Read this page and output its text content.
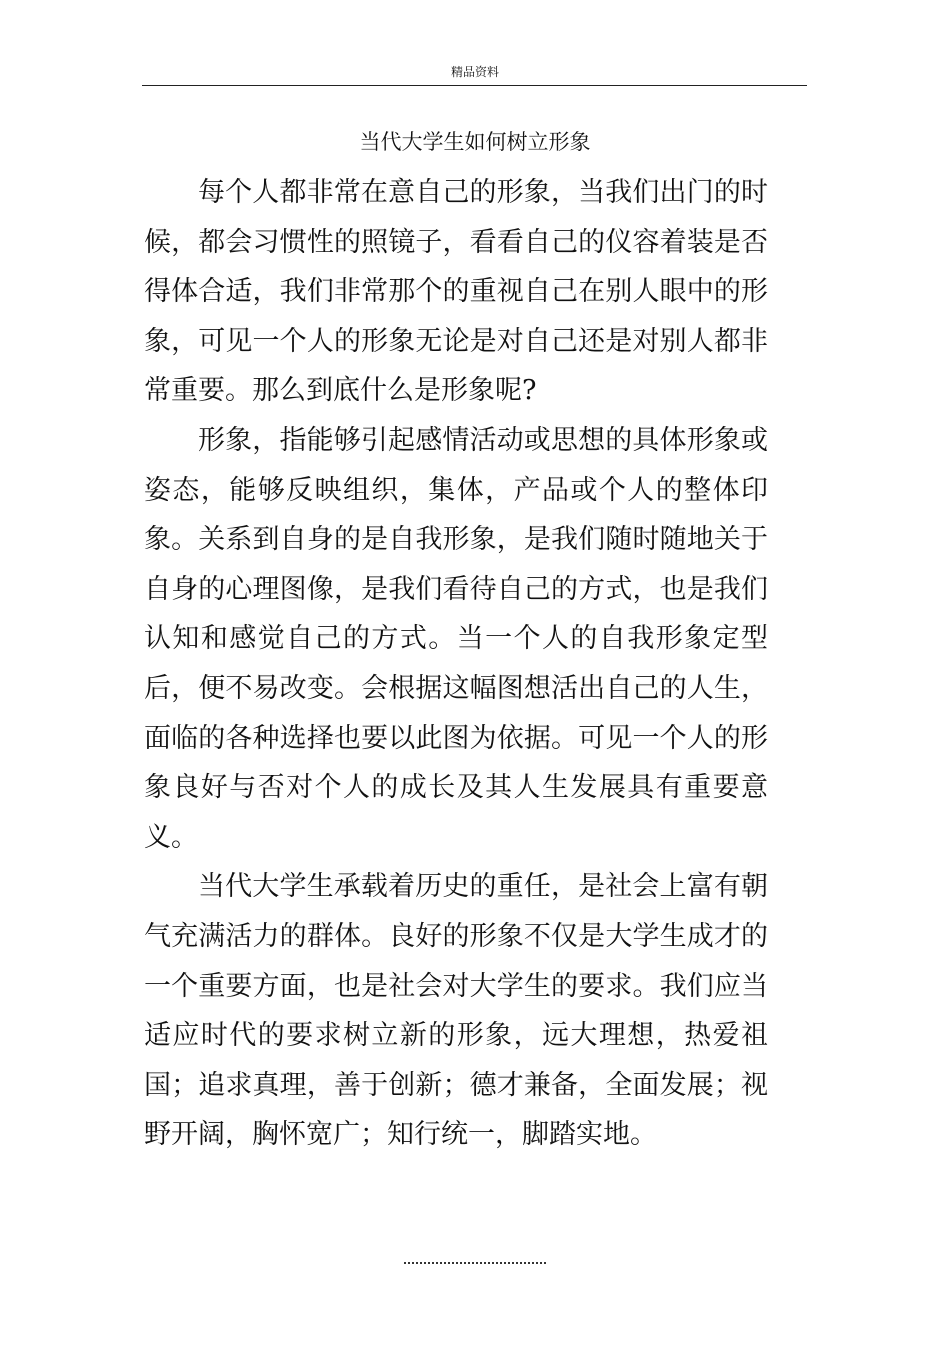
精品资料
当代大学生如何树立形象

每个人都非常在意自己的形象，当我们出门的时候，都会习惯性的照镜子，看看自己的仪容着装是否得体合适，我们非常那个的重视自己在别人眼中的形象，可见一个人的形象无论是对自己还是对别人都非常重要。那么到底什么是形象呢?

形象，指能够引起感情活动或思想的具体形象或姿态，能够反映组织，集体，产品或个人的整体印象。关系到自身的是自我形象，是我们随时随地关于自身的心理图像，是我们看待自己的方式，也是我们认知和感觉自己的方式。当一个人的自我形象定型后，便不易改变。会根据这幅图想活出自己的人生，面临的各种选择也要以此图为依据。可见一个人的形象良好与否对个人的成长及其人生发展具有重要意义。

当代大学生承载着历史的重任，是社会上富有朝气充满活力的群体。良好的形象不仅是大学生成才的一个重要方面，也是社会对大学生的要求。我们应当适应时代的要求树立新的形象，远大理想，热爱祖国；追求真理，善于创新；德才兼备，全面发展；视野开阔，胸怀宽广；知行统一，脚踏实地。
